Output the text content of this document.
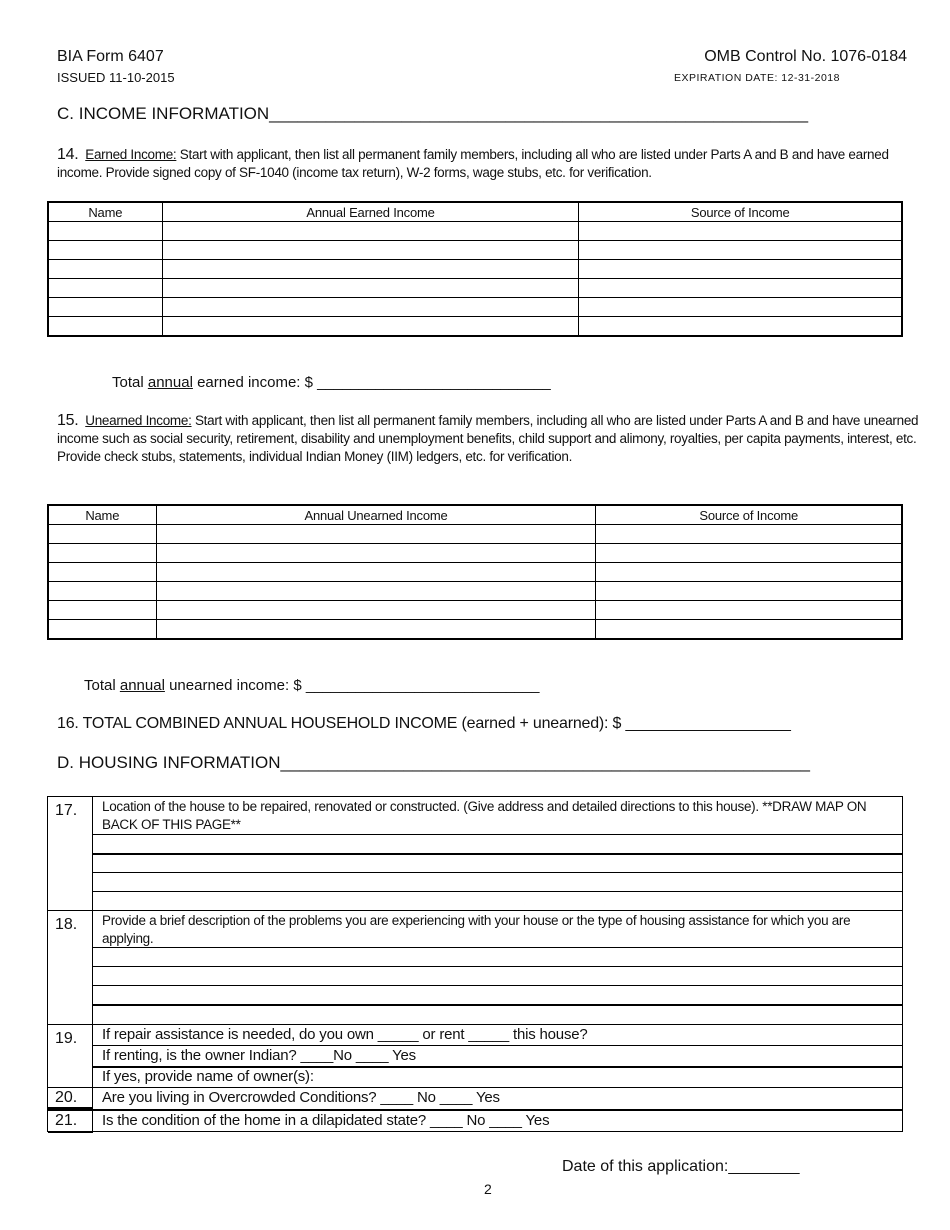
BIA Form 6407
ISSUED 11-10-2015
OMB Control No. 1076-0184
EXPIRATION DATE: 12-31-2018
C. INCOME INFORMATION_________________________________________________________
14. Earned Income: Start with applicant, then list all permanent family members, including all who are listed under Parts A and B and have earned income. Provide signed copy of SF-1040 (income tax return), W-2 forms, wage stubs, etc. for verification.
Name	Annual Earned Income	Source of Income

Total annual earned income: $ ____________________________
15. Unearned Income: Start with applicant, then list all permanent family members, including all who are listed under Parts A and B and have unearned income such as social security, retirement, disability and unemployment benefits, child support and alimony, royalties, per capita payments, interest, etc. Provide check stubs, statements, individual Indian Money (IIM) ledgers, etc. for verification.
Name	Annual Unearned Income	Source of Income

Total annual unearned income: $ ____________________________
16. TOTAL COMBINED ANNUAL HOUSEHOLD INCOME (earned + unearned): $ ___________________
D. HOUSING INFORMATION________________________________________________________
17.	Location of the house to be repaired, renovated or constructed. (Give address and detailed directions to this house). **DRAW MAP ON BACK OF THIS PAGE**
18.	Provide a brief description of the problems you are experiencing with your house or the type of housing assistance for which you are applying.
19.	If repair assistance is needed, do you own _____ or rent _____ this house?
If renting, is the owner Indian? ____No ____ Yes
If yes, provide name of owner(s):
20.	Are you living in Overcrowded Conditions? ____ No ____ Yes
21.	Is the condition of the home in a dilapidated state? ____ No ____ Yes
Date of this application:________
2
